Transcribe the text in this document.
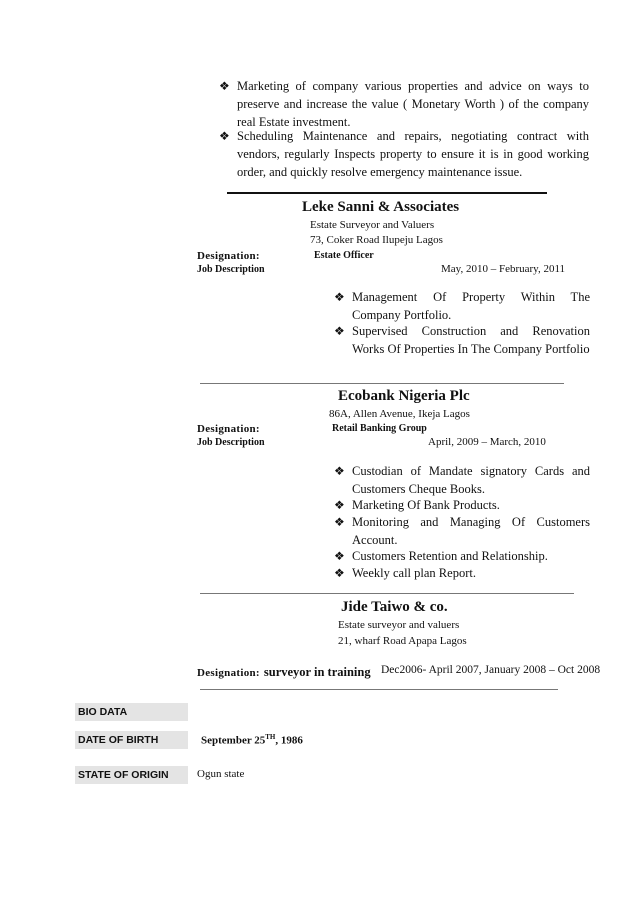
❖ Marketing of company various properties and advice on ways to preserve and increase the value ( Monetary Worth ) of the company real Estate investment.
❖ Scheduling Maintenance and repairs, negotiating contract with vendors, regularly Inspects property to ensure it is in good working order, and quickly resolve emergency maintenance issue.
Leke Sanni & Associates
Estate Surveyor and Valuers
73, Coker Road Ilupeju Lagos
Designation:	Estate Officer
Job Description	May, 2010 – February, 2011
❖ Management Of Property Within The Company Portfolio.
❖ Supervised Construction and Renovation Works Of Properties In The Company Portfolio
Ecobank Nigeria Plc
86A, Allen Avenue, Ikeja Lagos
Designation:	Retail Banking Group
Job Description	April, 2009 – March, 2010
❖ Custodian of Mandate signatory Cards and Customers Cheque Books.
❖ Marketing Of Bank Products.
❖ Monitoring and Managing Of Customers Account.
❖ Customers Retention and Relationship.
❖ Weekly call plan Report.
Jide Taiwo & co.
Estate surveyor and valuers
21, wharf Road Apapa Lagos
Designation: surveyor in training Dec2006- April 2007, January 2008 – Oct 2008
BIO DATA
DATE OF BIRTH	September 25TH, 1986
STATE OF ORIGIN	Ogun state
